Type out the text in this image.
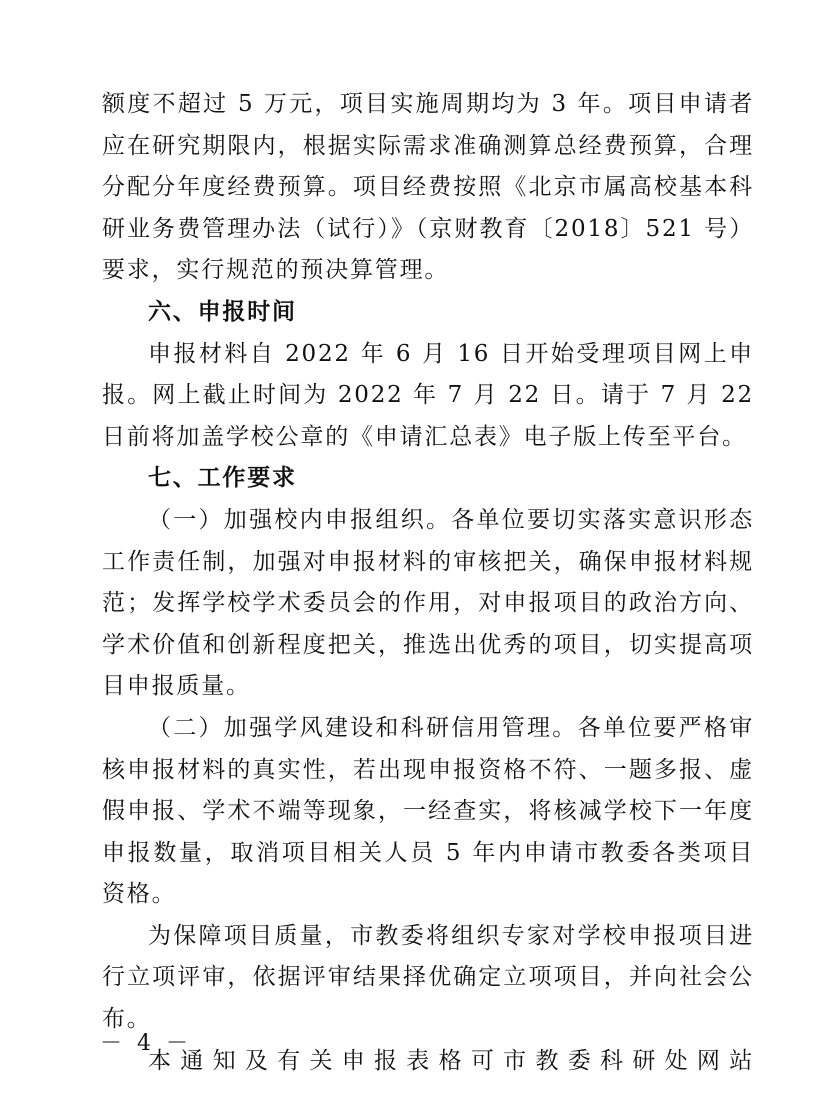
额度不超过 5 万元，项目实施周期均为 3 年。项目申请者应在研究期限内，根据实际需求准确测算总经费预算，合理分配分年度经费预算。项目经费按照《北京市属高校基本科研业务费管理办法（试行）》（京财教育〔2018〕521 号）要求，实行规范的预决算管理。

六、申报时间

申报材料自 2022 年 6 月 16 日开始受理项目网上申报。网上截止时间为 2022 年 7 月 22 日。请于 7 月 22 日前将加盖学校公章的《申请汇总表》电子版上传至平台。

七、工作要求

（一）加强校内申报组织。各单位要切实落实意识形态工作责任制，加强对申报材料的审核把关，确保申报材料规范；发挥学校学术委员会的作用，对申报项目的政治方向、学术价值和创新程度把关，推选出优秀的项目，切实提高项目申报质量。

（二）加强学风建设和科研信用管理。各单位要严格审核申报材料的真实性，若出现申报资格不符、一题多报、虚假申报、学术不端等现象，一经查实，将核减学校下一年度申报数量，取消项目相关人员 5 年内申请市教委各类项目资格。

为保障项目质量，市教委将组织专家对学校申报项目进行立项评审，依据评审结果择优确定立项项目，并向社会公布。

本通知及有关申报表格可市教委科研处网站

－ 4 －
